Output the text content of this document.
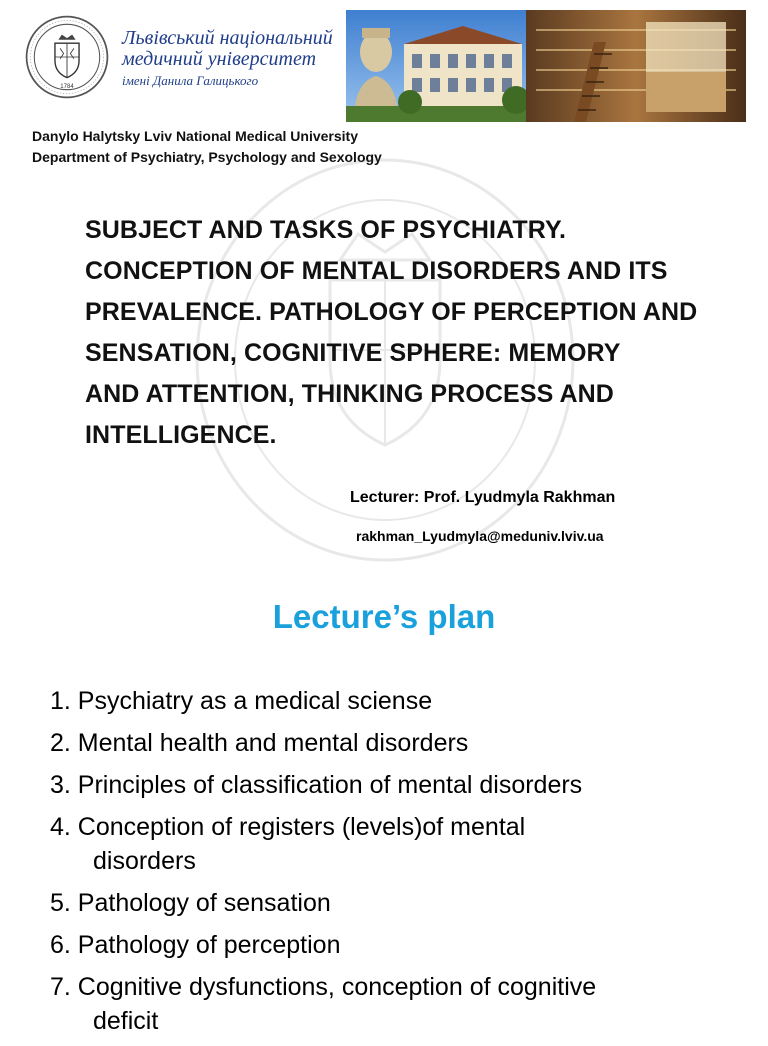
1784
Львівський національний
медичний університет
імені Данила Галицького
Danylo Halytsky Lviv National Medical University
Department of Psychiatry, Psychology and Sexology
SUBJECT AND TASKS OF PSYCHIATRY.
CONCEPTION OF MENTAL DISORDERS AND ITS
PREVALENCE. PATHOLOGY OF PERCEPTION AND
SENSATION, COGNITIVE SPHERE: MEMORY
AND ATTENTION, THINKING PROCESS AND
INTELLIGENCE.
Lecturer: Prof. Lyudmyla Rakhman
rakhman_Lyudmyla@meduniv.lviv.ua
Lecture’s plan
1. Psychiatry as a medical sciense
2. Mental health and mental disorders
3. Principles of classification of mental disorders
4. Conception of registers (levels)of mental
disorders
5. Pathology of sensation
6. Pathology of perception
7. Cognitive dysfunctions, conception of cognitive
deficit
